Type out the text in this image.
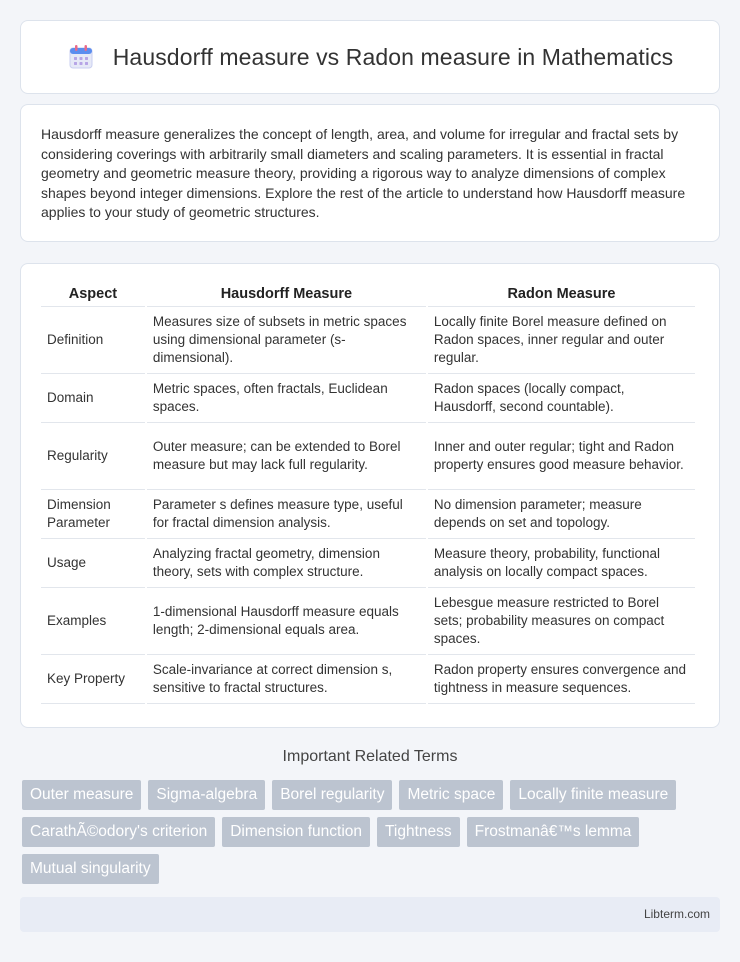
Hausdorff measure vs Radon measure in Mathematics

Hausdorff measure generalizes the concept of length, area, and volume for irregular and fractal sets by considering coverings with arbitrarily small diameters and scaling parameters. It is essential in fractal geometry and geometric measure theory, providing a rigorous way to analyze dimensions of complex shapes beyond integer dimensions. Explore the rest of the article to understand how Hausdorff measure applies to your study of geometric structures.

Aspect	Hausdorff Measure	Radon Measure
Definition	Measures size of subsets in metric spaces using dimensional parameter (s-dimensional).	Locally finite Borel measure defined on Radon spaces, inner regular and outer regular.
Domain	Metric spaces, often fractals, Euclidean spaces.	Radon spaces (locally compact, Hausdorff, second countable).
Regularity	Outer measure; can be extended to Borel measure but may lack full regularity.	Inner and outer regular; tight and Radon property ensures good measure behavior.
Dimension Parameter	Parameter s defines measure type, useful for fractal dimension analysis.	No dimension parameter; measure depends on set and topology.
Usage	Analyzing fractal geometry, dimension theory, sets with complex structure.	Measure theory, probability, functional analysis on locally compact spaces.
Examples	1-dimensional Hausdorff measure equals length; 2-dimensional equals area.	Lebesgue measure restricted to Borel sets; probability measures on compact spaces.
Key Property	Scale-invariance at correct dimension s, sensitive to fractal structures.	Radon property ensures convergence and tightness in measure sequences.
Important Related Terms
Outer measure	Sigma-algebra	Borel regularity	Metric space	Locally finite measure
CarathÃ©odory's criterion	Dimension function	Tightness	Frostmanâ€™s lemma
Mutual singularity
Libterm.com
